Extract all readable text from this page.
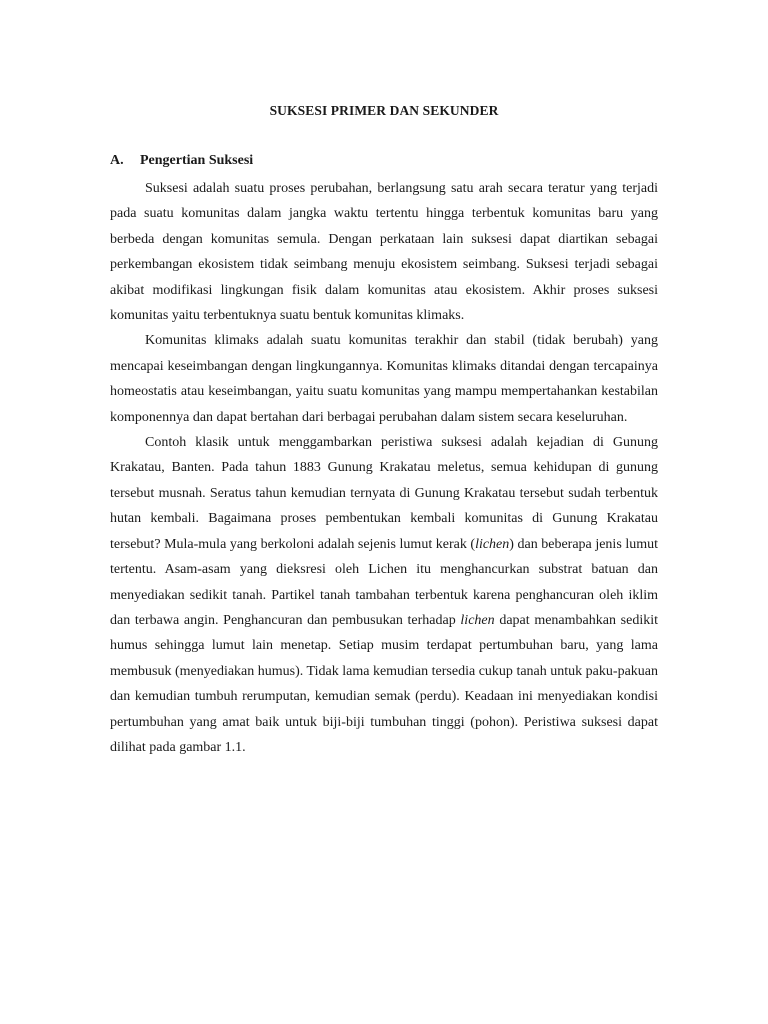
SUKSESI PRIMER DAN SEKUNDER
A.	Pengertian Suksesi

Suksesi adalah suatu proses perubahan, berlangsung satu arah secara teratur yang terjadi pada suatu komunitas dalam jangka waktu tertentu hingga terbentuk komunitas baru yang berbeda dengan komunitas semula. Dengan perkataan lain suksesi dapat diartikan sebagai perkembangan ekosistem tidak seimbang menuju ekosistem seimbang. Suksesi terjadi sebagai akibat modifikasi lingkungan fisik dalam komunitas atau ekosistem. Akhir proses suksesi komunitas yaitu terbentuknya suatu bentuk komunitas klimaks.

Komunitas klimaks adalah suatu komunitas terakhir dan stabil (tidak berubah) yang mencapai keseimbangan dengan lingkungannya. Komunitas klimaks ditandai dengan tercapainya homeostatis atau keseimbangan, yaitu suatu komunitas yang mampu mempertahankan kestabilan komponennya dan dapat bertahan dari berbagai perubahan dalam sistem secara keseluruhan.

Contoh klasik untuk menggambarkan peristiwa suksesi adalah kejadian di Gunung Krakatau, Banten. Pada tahun 1883 Gunung Krakatau meletus, semua kehidupan di gunung tersebut musnah. Seratus tahun kemudian ternyata di Gunung Krakatau tersebut sudah terbentuk hutan kembali. Bagaimana proses pembentukan kembali komunitas di Gunung Krakatau tersebut? Mula-mula yang berkoloni adalah sejenis lumut kerak (lichen) dan beberapa jenis lumut tertentu. Asam-asam yang dieksresi oleh Lichen itu menghancurkan substrat batuan dan menyediakan sedikit tanah. Partikel tanah tambahan terbentuk karena penghancuran oleh iklim dan terbawa angin. Penghancuran dan pembusukan terhadap lichen dapat menambahkan sedikit humus sehingga lumut lain menetap. Setiap musim terdapat pertumbuhan baru, yang lama membusuk (menyediakan humus). Tidak lama kemudian tersedia cukup tanah untuk paku-pakuan dan kemudian tumbuh rerumputan, kemudian semak (perdu). Keadaan ini menyediakan kondisi pertumbuhan yang amat baik untuk biji-biji tumbuhan tinggi (pohon). Peristiwa suksesi dapat dilihat pada gambar 1.1.
